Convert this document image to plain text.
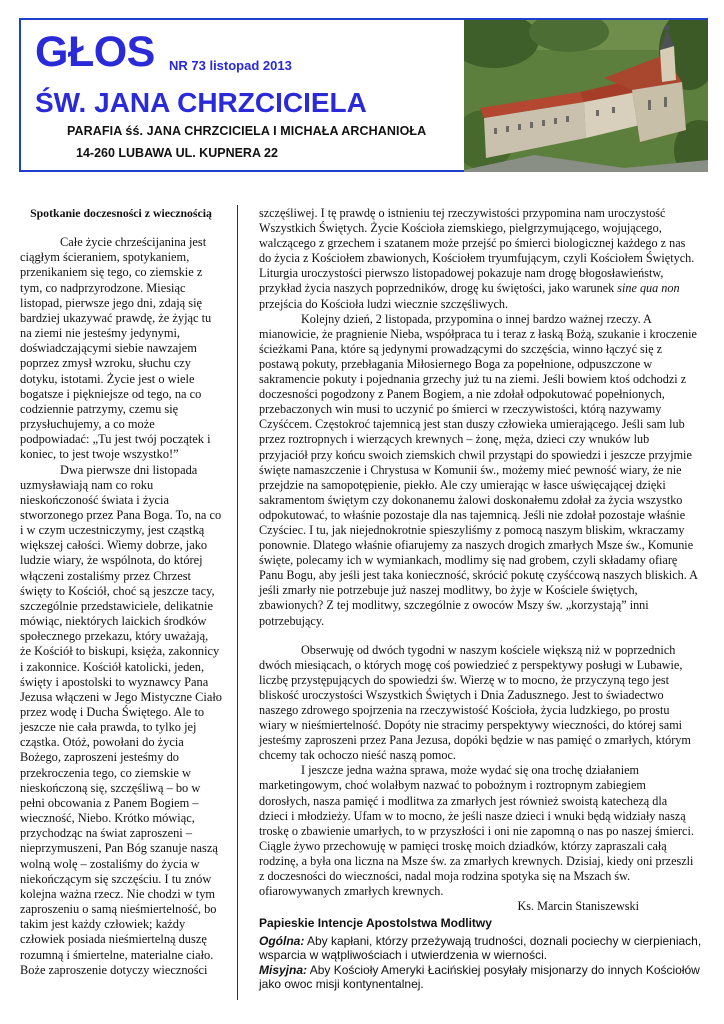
GŁOS NR 73 listopad 2013
ŚW. JANA CHRZCICIELA
PARAFIA śś. JANA CHRZCICIELA I MICHAŁA ARCHANIOŁA
14-260 LUBAWA UL. KUPNERA 22

Spotkanie doczesności z wiecznością

Całe życie chrześcijanina jest ciągłym ścieraniem, spotykaniem, przenikaniem się tego, co ziemskie z tym, co nadprzyrodzone. Miesiąc listopad, pierwsze jego dni, zdają się bardziej ukazywać prawdę, że żyjąc tu na ziemi nie jesteśmy jedynymi, doświadczającymi siebie nawzajem poprzez zmysł wzroku, słuchu czy dotyku, istotami. Życie jest o wiele bogatsze i piękniejsze od tego, na co codziennie patrzymy, czemu się przysłuchujemy, a co może podpowiadać: „Tu jest twój początek i koniec, to jest twoje wszystko!”

Dwa pierwsze dni listopada uzmysławiają nam co roku nieskończoność świata i życia stworzonego przez Pana Boga. To, na co i w czym uczestniczymy, jest cząstką większej całości. Wiemy dobrze, jako ludzie wiary, że wspólnota, do której włączeni zostaliśmy przez Chrzest święty to Kościół, choć są jeszcze tacy, szczególnie przedstawiciele, delikatnie mówiąc, niektórych laickich środków społecznego przekazu, który uważają, że Kościół to biskupi, księża, zakonnicy i zakonnice. Kościół katolicki, jeden, święty i apostolski to wyznawcy Pana Jezusa włączeni w Jego Mistyczne Ciało przez wodę i Ducha Świętego. Ale to jeszcze nie cała prawda, to tylko jej cząstka. Otóż, powołani do życia Bożego, zaproszeni jesteśmy do przekroczenia tego, co ziemskie w nieskończoną się, szczęśliwą – bo w pełni obcowania z Panem Bogiem – wieczność, Niebo. Krótko mówiąc, przychodząc na świat zaproszeni – nieprzymuszeni, Pan Bóg szanuje naszą wolną wolę – zostaliśmy do życia w niekończącym się szczęściu. I tu znów kolejna ważna rzecz. Nie chodzi w tym zaproszeniu o samą nieśmiertelność, bo takim jest każdy człowiek; każdy człowiek posiada nieśmiertelną duszę rozumną i śmiertelne, materialne ciało. Boże zaproszenie dotyczy wieczności

szczęśliwej. I tę prawdę o istnieniu tej rzeczywistości przypomina nam uroczystość Wszystkich Świętych. Życie Kościoła ziemskiego, pielgrzymującego, wojującego, walczącego z grzechem i szatanem może przejść po śmierci biologicznej każdego z nas do życia z Kościołem zbawionych, Kościołem tryumfującym, czyli Kościołem Świętych. Liturgia uroczystości pierwszo listopadowej pokazuje nam drogę błogosławieństw, przykład życia naszych poprzedników, drogę ku świętości, jako warunek sine qua non przejścia do Kościoła ludzi wiecznie szczęśliwych.

Kolejny dzień, 2 listopada, przypomina o innej bardzo ważnej rzeczy. A mianowicie, że pragnienie Nieba, współpraca tu i teraz z łaską Bożą, szukanie i kroczenie ścieżkami Pana, które są jedynymi prowadzącymi do szczęścia, winno łączyć się z postawą pokuty, przebłagania Miłosiernego Boga za popełnione, odpuszczone w sakramencie pokuty i pojednania grzechy już tu na ziemi. Jeśli bowiem ktoś odchodzi z doczesności pogodzony z Panem Bogiem, a nie zdołał odpokutować popełnionych, przebaczonych win musi to uczynić po śmierci w rzeczywistości, którą nazywamy Czyśćcem. Częstokroć tajemnicą jest stan duszy człowieka umierającego. Jeśli sam lub przez roztropnych i wierzących krewnych – żonę, męża, dzieci czy wnuków lub przyjaciół przy końcu swoich ziemskich chwil przystąpi do spowiedzi i jeszcze przyjmie święte namaszczenie i Chrystusa w Komunii św., możemy mieć pewność wiary, że nie przejdzie na samopotępienie, piekło. Ale czy umierając w łasce uświęcającej dzięki sakramentom świętym czy dokonanemu żalowi doskonałemu zdołał za życia wszystko odpokutować, to właśnie pozostaje dla nas tajemnicą. Jeśli nie zdołał pozostaje właśnie Czyściec. I tu, jak niejednokrotnie spieszyliśmy z pomocą naszym bliskim, wkraczamy ponownie. Dlatego właśnie ofiarujemy za naszych drogich zmarłych Msze św., Komunie święte, polecamy ich w wymiankach, modlimy się nad grobem, czyli składamy ofiarę Panu Bogu, aby jeśli jest taka konieczność, skrócić pokutę czyśćcową naszych bliskich. A jeśli zmarły nie potrzebuje już naszej modlitwy, bo żyje w Kościele świętych, zbawionych? Z tej modlitwy, szczególnie z owoców Mszy św. „korzystają” inni potrzebujący.

Obserwuję od dwóch tygodni w naszym kościele większą niż w poprzednich dwóch miesiącach, o których mogę coś powiedzieć z perspektywy posługi w Lubawie, liczbę przystępujących do spowiedzi św. Wierzę w to mocno, że przyczyną tego jest bliskość uroczystości Wszystkich Świętych i Dnia Zadusznego. Jest to świadectwo naszego zdrowego spojrzenia na rzeczywistość Kościoła, życia ludzkiego, po prostu wiary w nieśmiertelność. Dopóty nie stracimy perspektywy wieczności, do której sami jesteśmy zaproszeni przez Pana Jezusa, dopóki będzie w nas pamięć o zmarłych, którym chcemy tak ochoczo nieść naszą pomoc.

I jeszcze jedna ważna sprawa, może wydać się ona trochę działaniem marketingowym, choć wolałbym nazwać to pobożnym i roztropnym zabiegiem dorosłych, nasza pamięć i modlitwa za zmarłych jest również swoistą katechezą dla dzieci i młodzieży. Ufam w to mocno, że jeśli nasze dzieci i wnuki będą widziały naszą troskę o zbawienie umarłych, to w przyszłości i oni nie zapomną o nas po naszej śmierci. Ciągle żywo przechowuję w pamięci troskę moich dziadków, którzy zapraszali całą rodzinę, a była ona liczna na Msze św. za zmarłych krewnych. Dzisiaj, kiedy oni przeszli z doczesności do wieczności, nadal moja rodzina spotyka się na Mszach św. ofiarowywanych zmarłych krewnych.

Ks. Marcin Staniszewski

Papieskie Intencje Apostolstwa Modlitwy
Ogólna: Aby kapłani, którzy przeżywają trudności, doznali pociechy w cierpieniach, wsparcia w wątpliwościach i utwierdzenia w wierności.
Misyjna: Aby Kościoły Ameryki Łacińskiej posyłały misjonarzy do innych Kościołów jako owoc misji kontynentalnej.
